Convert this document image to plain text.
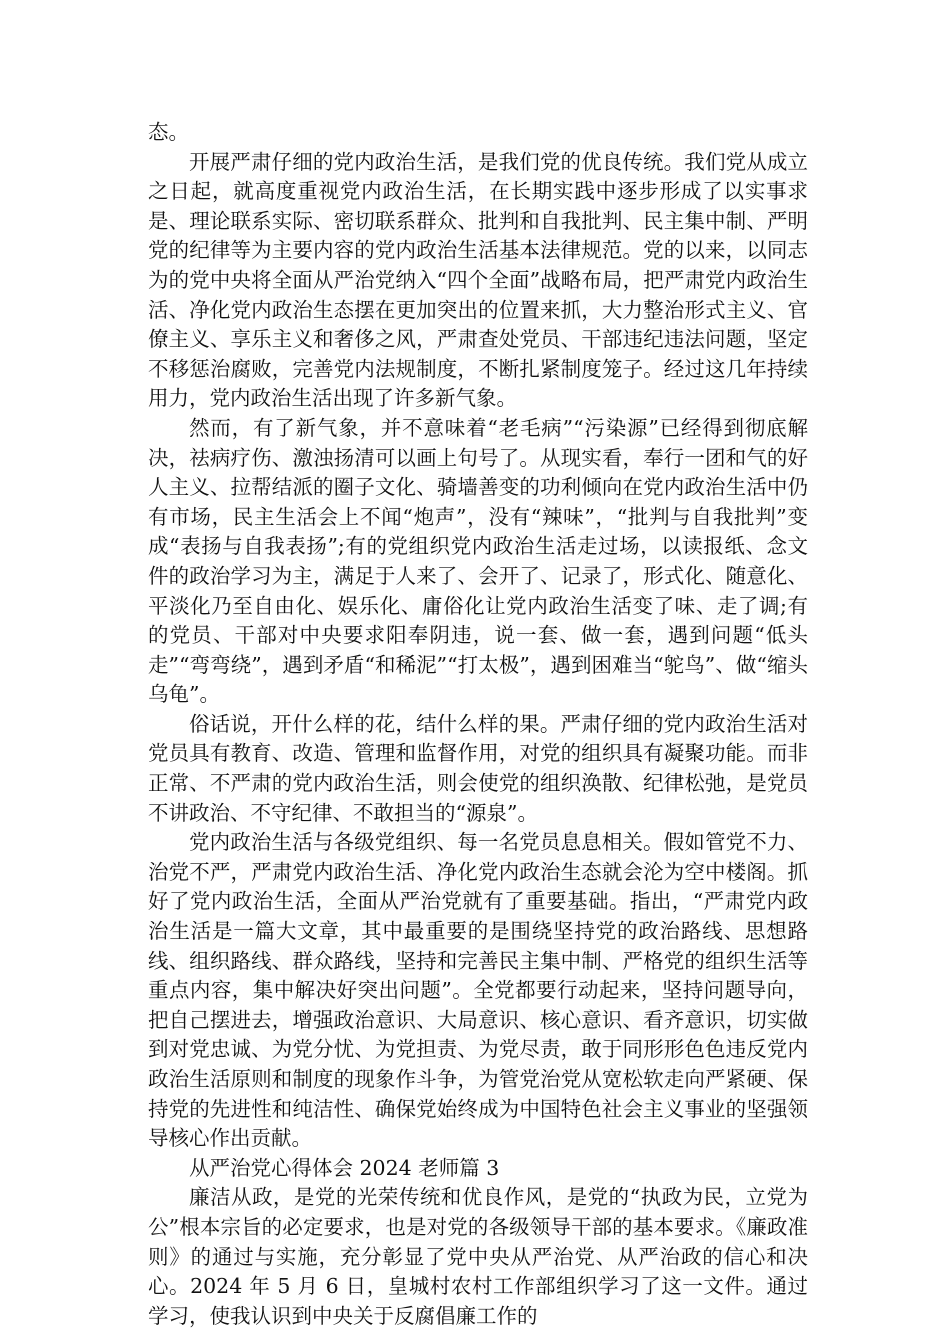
态。

开展严肃仔细的党内政治生活，是我们党的优良传统。我们党从成立之日起，就高度重视党内政治生活，在长期实践中逐步形成了以实事求是、理论联系实际、密切联系群众、批判和自我批判、民主集中制、严明党的纪律等为主要内容的党内政治生活基本法律规范。党的以来，以同志为的党中央将全面从严治党纳入“四个全面”战略布局，把严肃党内政治生活、净化党内政治生态摆在更加突出的位置来抓，大力整治形式主义、官僚主义、享乐主义和奢侈之风，严肃查处党员、干部违纪违法问题，坚定不移惩治腐败，完善党内法规制度，不断扎紧制度笼子。经过这几年持续用力，党内政治生活出现了许多新气象。

然而，有了新气象，并不意味着“老毛病”“污染源”已经得到彻底解决，祛病疗伤、激浊扬清可以画上句号了。从现实看，奉行一团和气的好人主义、拉帮结派的圈子文化、骑墙善变的功利倾向在党内政治生活中仍有市场，民主生活会上不闻“炮声”，没有“辣味”，“批判与自我批判”变成“表扬与自我表扬”;有的党组织党内政治生活走过场，以读报纸、念文件的政治学习为主，满足于人来了、会开了、记录了，形式化、随意化、平淡化乃至自由化、娱乐化、庸俗化让党内政治生活变了味、走了调;有的党员、干部对中央要求阳奉阴违，说一套、做一套，遇到问题“低头走”“弯弯绕”，遇到矛盾“和稀泥”“打太极”，遇到困难当“鸵鸟”、做“缩头乌龟”。

俗话说，开什么样的花，结什么样的果。严肃仔细的党内政治生活对党员具有教育、改造、管理和监督作用，对党的组织具有凝聚功能。而非正常、不严肃的党内政治生活，则会使党的组织涣散、纪律松弛，是党员不讲政治、不守纪律、不敢担当的“源泉”。

党内政治生活与各级党组织、每一名党员息息相关。假如管党不力、治党不严，严肃党内政治生活、净化党内政治生态就会沦为空中楼阁。抓好了党内政治生活，全面从严治党就有了重要基础。指出，“严肃党内政治生活是一篇大文章，其中最重要的是围绕坚持党的政治路线、思想路线、组织路线、群众路线，坚持和完善民主集中制、严格党的组织生活等重点内容，集中解决好突出问题”。全党都要行动起来，坚持问题导向，把自己摆进去，增强政治意识、大局意识、核心意识、看齐意识，切实做到对党忠诚、为党分忧、为党担责、为党尽责，敢于同形形色色违反党内政治生活原则和制度的现象作斗争，为管党治党从宽松软走向严紧硬、保持党的先进性和纯洁性、确保党始终成为中国特色社会主义事业的坚强领导核心作出贡献。

从严治党心得体会 2024 老师篇 3

廉洁从政，是党的光荣传统和优良作风，是党的“执政为民，立党为公”根本宗旨的必定要求，也是对党的各级领导干部的基本要求。《廉政准则》的通过与实施，充分彰显了党中央从严治党、从严治政的信心和决心。2024 年 5 月 6 日，皇城村农村工作部组织学习了这一文件。通过学习，使我认识到中央关于反腐倡廉工作的
